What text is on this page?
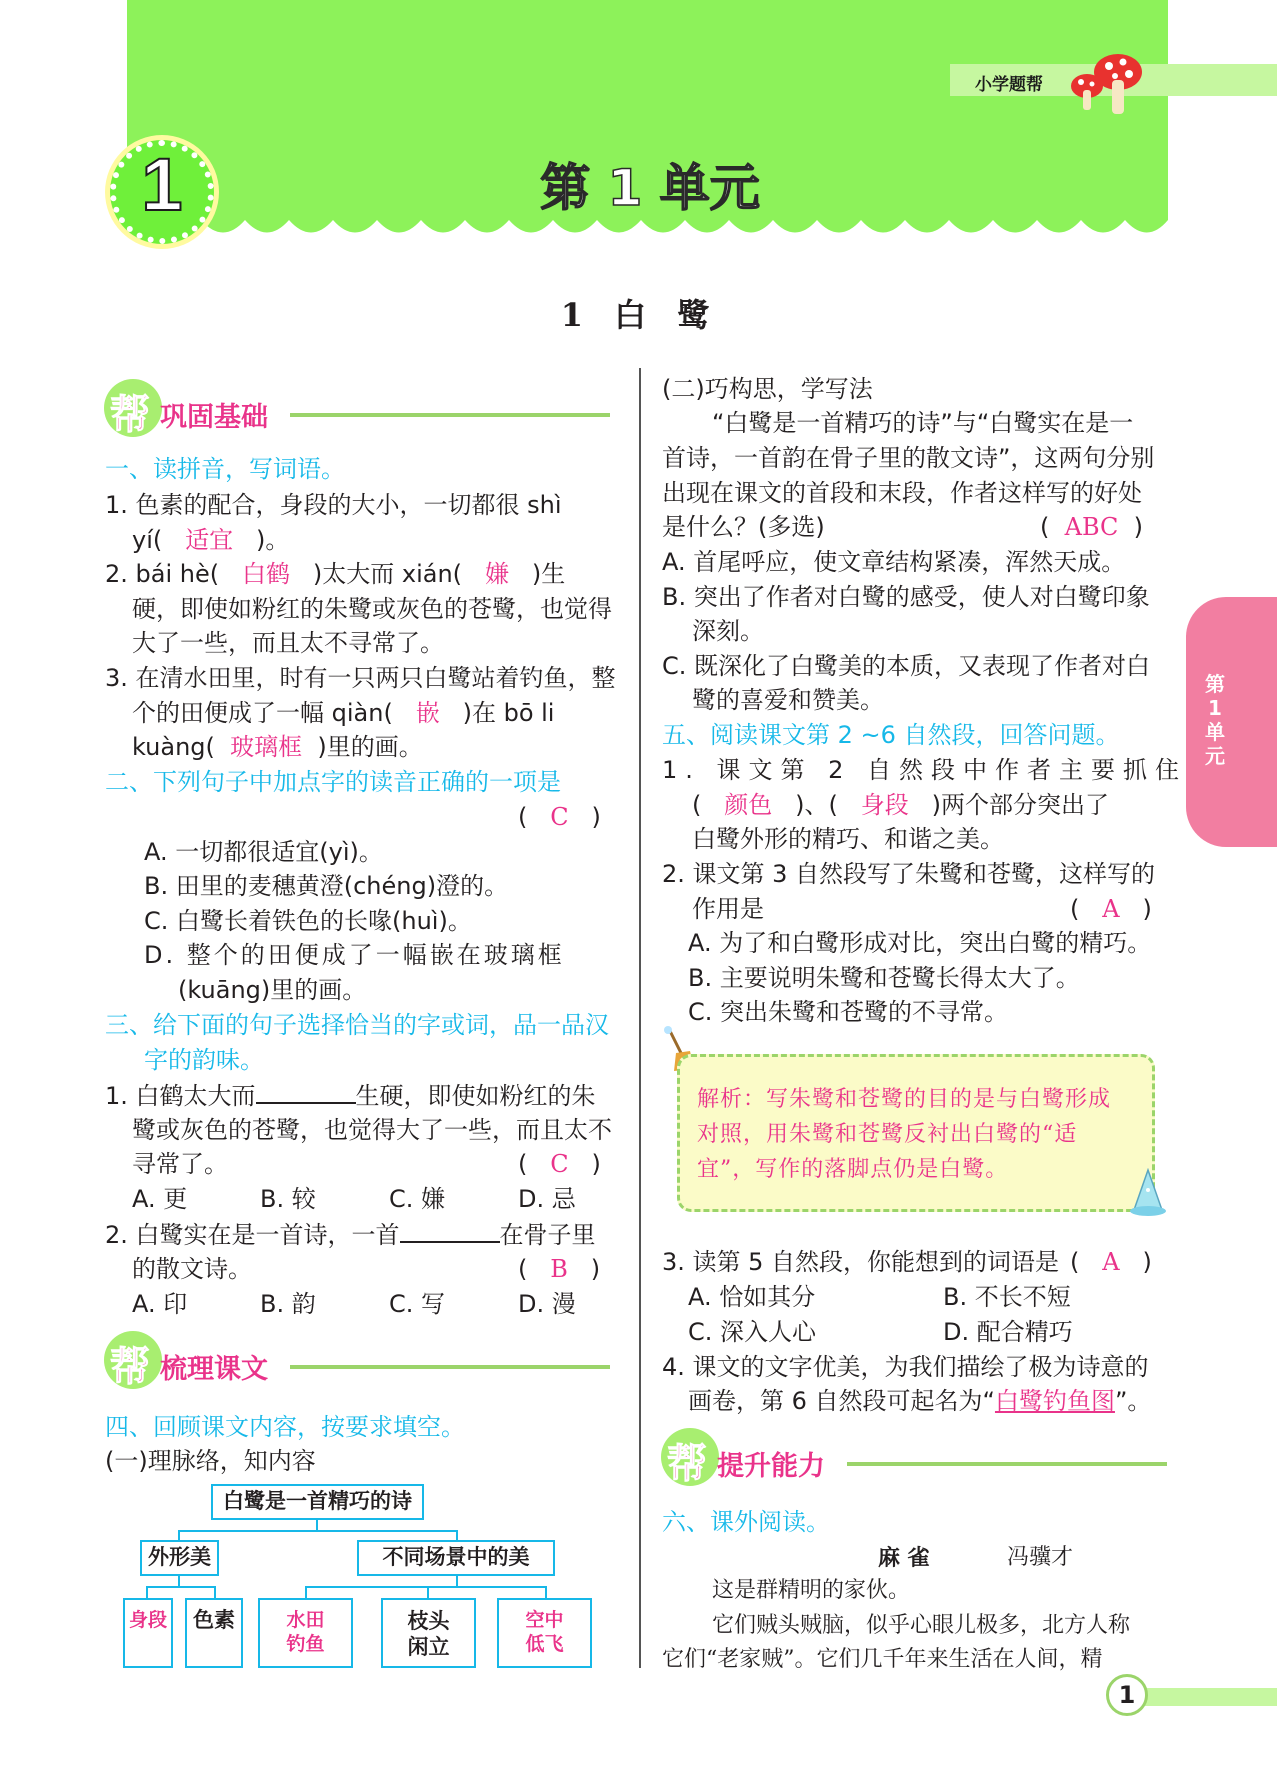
小学题帮
1	第 1 单元
1 白 鹭
第1单元
帮 巩固基础
一、读拼音，写词语。
1. 色素的配合，身段的大小，一切都很 shì
yí( 适宜 )。
2. bái hè( 白鹤 )太大而 xián( 嫌 )生
硬，即使如粉红的朱鹭或灰色的苍鹭，也觉得
大了一些，而且太不寻常了。
3. 在清水田里，时有一只两只白鹭站着钓鱼，整
个的田便成了一幅 qiàn( 嵌 )在 bō li
kuàng( 玻璃框 )里的画。
二、下列句子中加点字的读音正确的一项是
(   C   )
A. 一切都很适宜(yì)。
B. 田里的麦穗黄澄(chéng)澄的。
C. 白鹭长着铁色的长喙(huì)。
D. 整个的田便成了一幅嵌在玻璃框
(kuāng)里的画。
三、给下面的句子选择恰当的字或词，品一品汉
字的韵味。
1. 白鹤太大而	生硬，即使如粉红的朱
鹭或灰色的苍鹭，也觉得大了一些，而且太不
寻常了。	(   C   )
A. 更	B. 较	C. 嫌	D. 忌
2. 白鹭实在是一首诗，一首	在骨子里
的散文诗。	(   B   )
A. 印	B. 韵	C. 写	D. 漫
帮 梳理课文
四、回顾课文内容，按要求填空。
(一)理脉络，知内容
白鹭是一首精巧的诗
外形美	不同场景中的美
身段	色素	水田
钓鱼
枝头
闲立
空中
低飞
(二)巧构思，学写法
“白鹭是一首精巧的诗”与“白鹭实在是一
首诗，一首韵在骨子里的散文诗”，这两句分别
出现在课文的首段和末段，作者这样写的好处
是什么？(多选)	(  ABC  )
A. 首尾呼应，使文章结构紧凑，浑然天成。
B. 突出了作者对白鹭的感受，使人对白鹭印象
深刻。
C. 既深化了白鹭美的本质，又表现了作者对白
鹭的喜爱和赞美。
五、阅读课文第 2 ~6 自然段，回答问题。
1. 课文第 2 自然段中作者主要抓住
( 颜色 )、( 身段 )两个部分突出了
白鹭外形的精巧、和谐之美。
2. 课文第 3 自然段写了朱鹭和苍鹭，这样写的
作用是	(   A   )
A. 为了和白鹭形成对比，突出白鹭的精巧。
B. 主要说明朱鹭和苍鹭长得太大了。
C. 突出朱鹭和苍鹭的不寻常。
解析：写朱鹭和苍鹭的目的是与白鹭形成
对照，用朱鹭和苍鹭反衬出白鹭的“适
宜”，写作的落脚点仍是白鹭。
3. 读第 5 自然段，你能想到的词语是 (   A   )
A. 恰如其分	B. 不长不短
C. 深入人心	D. 配合精巧
4. 课文的文字优美，为我们描绘了极为诗意的
画卷，第 6 自然段可起名为“白鹭钓鱼图”。
帮 提升能力
六、课外阅读。
麻 雀	冯骥才
这是群精明的家伙。
它们贼头贼脑，似乎心眼儿极多，北方人称
它们“老家贼”。它们几千年来生活在人间，精
1
